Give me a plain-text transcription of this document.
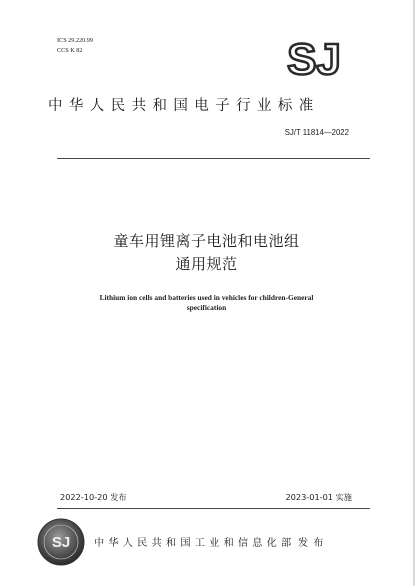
ICS 29.220.99
CCS K 82	SJ
中华人民共和国电子行业标准
SJ/T 11814—2022
童车用锂离子电池和电池组
通用规范
Lithium ion cells and batteries used in vehicles for children-General
specification
2022-10-20 发布	2023-01-01 实施
SJ 中华人民共和国工业和信息化部 发布
